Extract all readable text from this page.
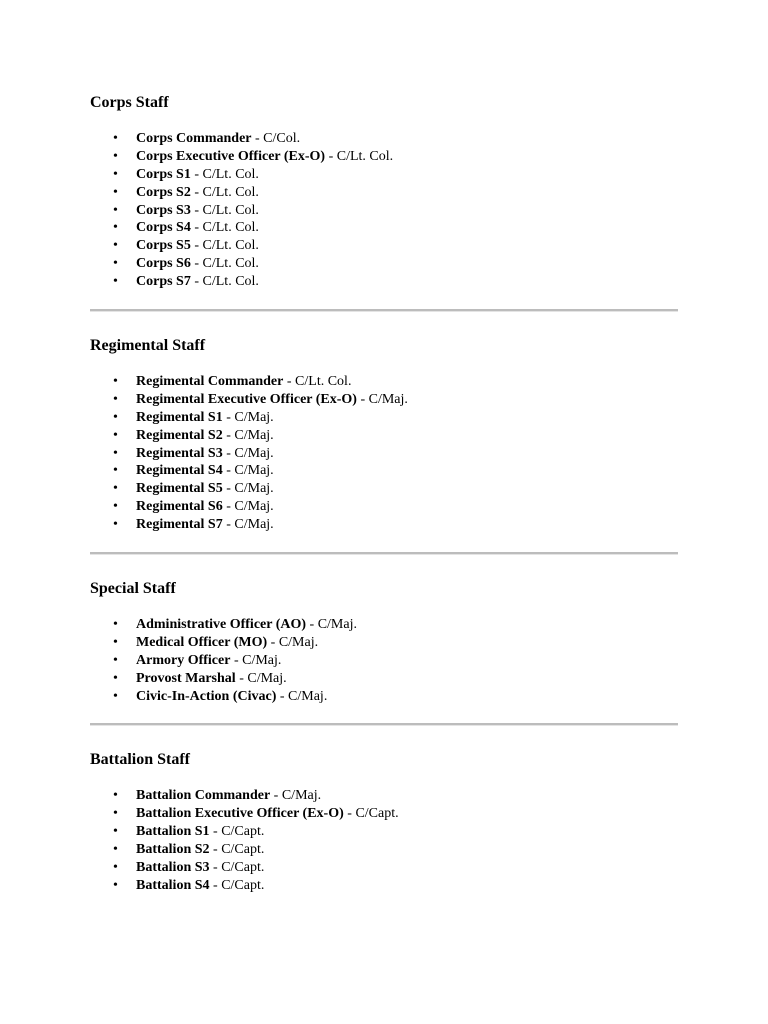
Corps Staff
• Corps Commander - C/Col.
• Corps Executive Officer (Ex-O) - C/Lt. Col.
• Corps S1 - C/Lt. Col.
• Corps S2 - C/Lt. Col.
• Corps S3 - C/Lt. Col.
• Corps S4 - C/Lt. Col.
• Corps S5 - C/Lt. Col.
• Corps S6 - C/Lt. Col.
• Corps S7 - C/Lt. Col.
Regimental Staff
• Regimental Commander - C/Lt. Col.
• Regimental Executive Officer (Ex-O) - C/Maj.
• Regimental S1 - C/Maj.
• Regimental S2 - C/Maj.
• Regimental S3 - C/Maj.
• Regimental S4 - C/Maj.
• Regimental S5 - C/Maj.
• Regimental S6 - C/Maj.
• Regimental S7 - C/Maj.
Special Staff
• Administrative Officer (AO) - C/Maj.
• Medical Officer (MO) - C/Maj.
• Armory Officer - C/Maj.
• Provost Marshal - C/Maj.
• Civic-In-Action (Civac) - C/Maj.
Battalion Staff
• Battalion Commander - C/Maj.
• Battalion Executive Officer (Ex-O) - C/Capt.
• Battalion S1 - C/Capt.
• Battalion S2 - C/Capt.
• Battalion S3 - C/Capt.
• Battalion S4 - C/Capt.
